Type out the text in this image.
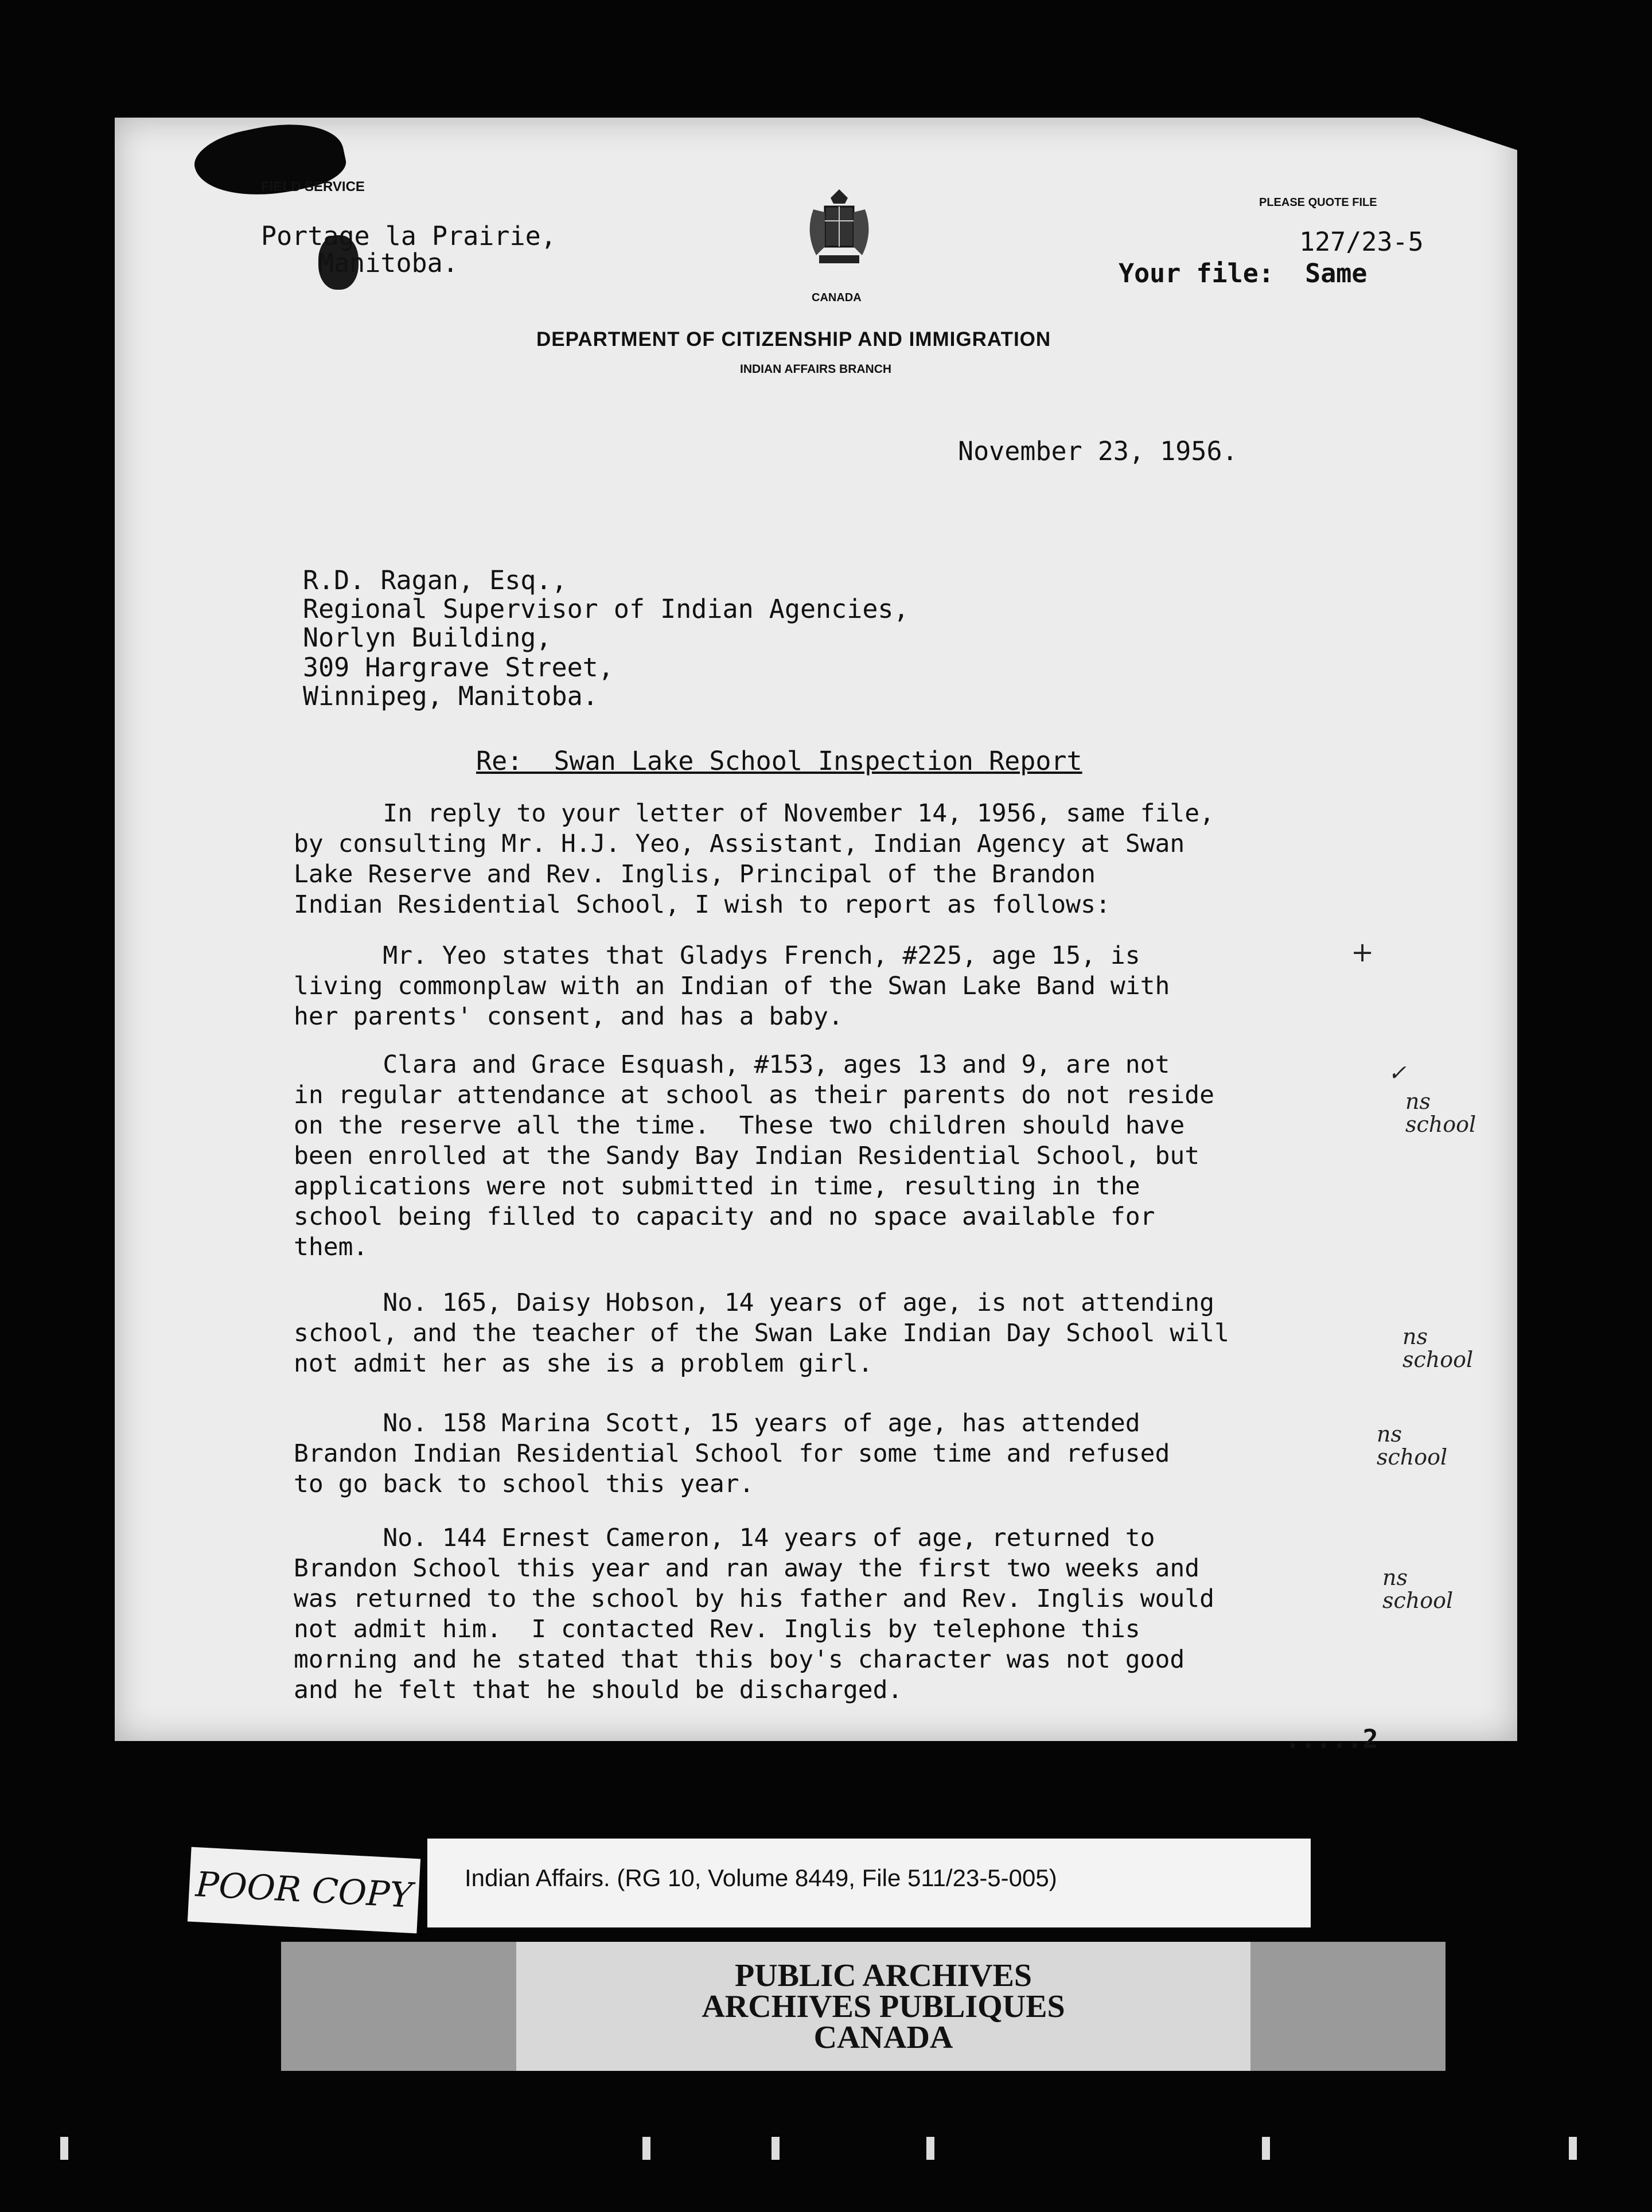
FIELD SERVICE
PLEASE QUOTE FILE
Portage la Prairie,
Manitoba.
127/23-5
Your file:  Same
CANADA
DEPARTMENT OF CITIZENSHIP AND IMMIGRATION
INDIAN AFFAIRS BRANCH
November 23, 1956.
R.D. Ragan, Esq.,
Regional Supervisor of Indian Agencies,
Norlyn Building,
309 Hargrave Street,
Winnipeg, Manitoba.
Re:  Swan Lake School Inspection Report
In reply to your letter of November 14, 1956, same file,
by consulting Mr. H.J. Yeo, Assistant, Indian Agency at Swan
Lake Reserve and Rev. Inglis, Principal of the Brandon
Indian Residential School, I wish to report as follows:
Mr. Yeo states that Gladys French, #225, age 15, is
living commonplaw with an Indian of the Swan Lake Band with
her parents' consent, and has a baby.
Clara and Grace Esquash, #153, ages 13 and 9, are not
in regular attendance at school as their parents do not reside
on the reserve all the time.  These two children should have
been enrolled at the Sandy Bay Indian Residential School, but
applications were not submitted in time, resulting in the
school being filled to capacity and no space available for
them.
No. 165, Daisy Hobson, 14 years of age, is not attending
school, and the teacher of the Swan Lake Indian Day School will
not admit her as she is a problem girl.
No. 158 Marina Scott, 15 years of age, has attended
Brandon Indian Residential School for some time and refused
to go back to school this year.
No. 144 Ernest Cameron, 14 years of age, returned to
Brandon School this year and ran away the first two weeks and
was returned to the school by his father and Rev. Inglis would
not admit him.  I contacted Rev. Inglis by telephone this
morning and he stated that this boy's character was not good
and he felt that he should be discharged.
.....2
+
✓
ns
school
ns
school
ns
school
ns
school
POOR COPY Indian Affairs. (RG 10, Volume 8449, File 511/23-5-005)
PUBLIC ARCHIVES
ARCHIVES PUBLIQUES
CANADA
